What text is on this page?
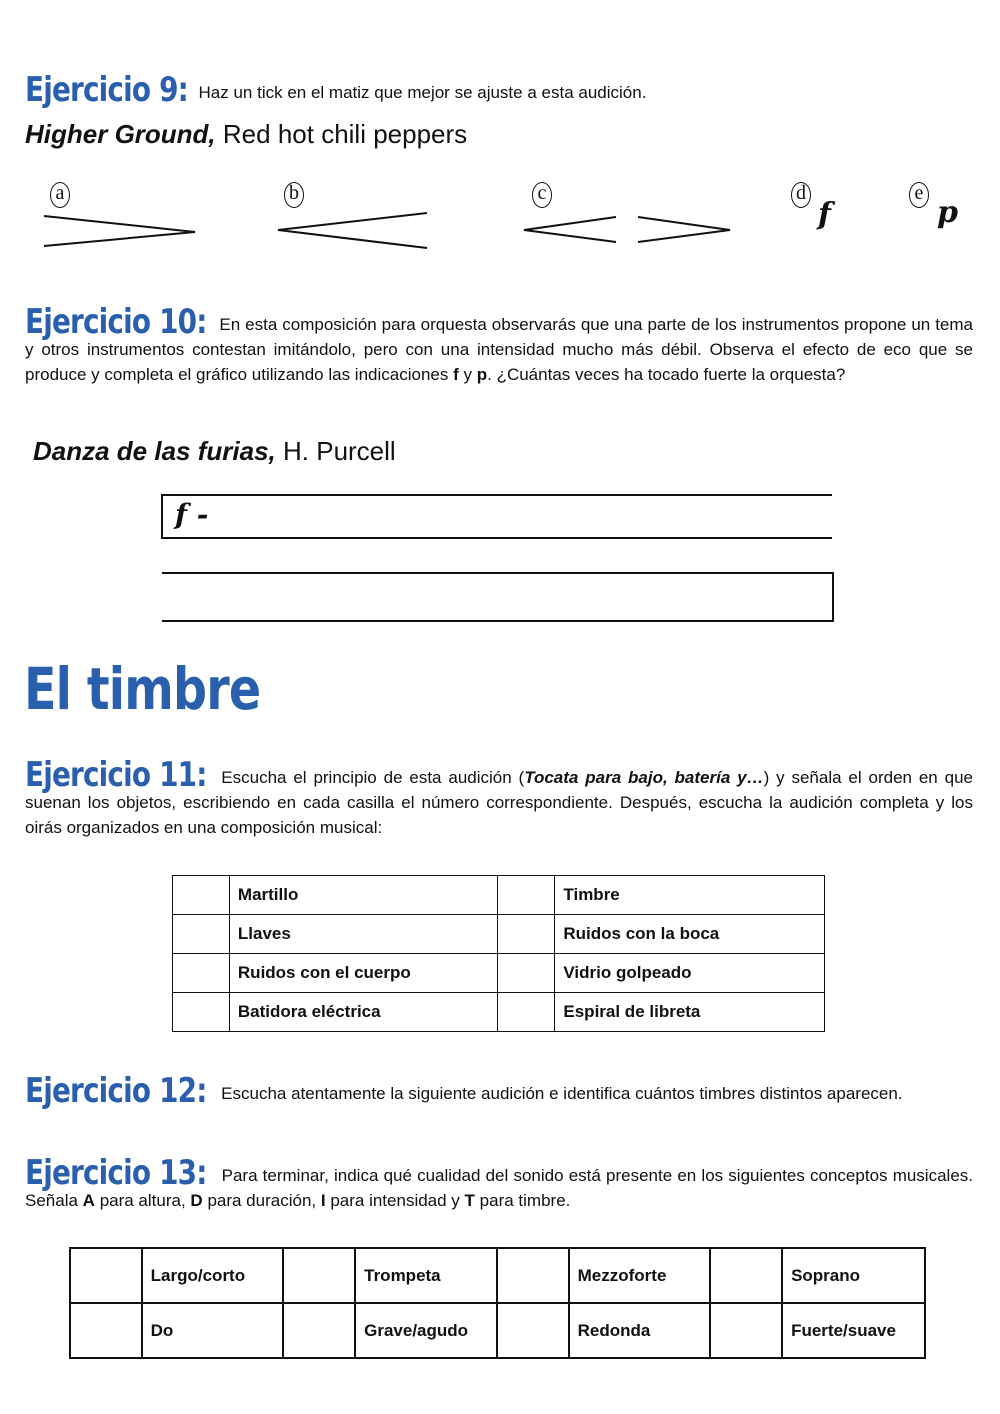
Ejercicio 9: Haz un tick en el matiz que mejor se ajuste a esta audición.
Higher Ground, Red hot chili peppers
a	b	c	d
f
e
p
Ejercicio 10: En esta composición para orquesta observarás que una parte de los instrumentos propone un tema y otros instrumentos contestan imitándolo, pero con una intensidad mucho más débil. Observa el efecto de eco que se produce y completa el gráfico utilizando las indicaciones f y p. ¿Cuántas veces ha tocado fuerte la orquesta?
Danza de las furias, H. Purcell
f -
El timbre
Ejercicio 11: Escucha el principio de esta audición (Tocata para bajo, batería y…) y señala el orden en que suenan los objetos, escribiendo en cada casilla el número correspondiente. Después, escucha la audición completa y los oirás organizados en una composición musical:
	Martillo		Timbre
	Llaves		Ruidos con la boca
	Ruidos con el cuerpo		Vidrio golpeado
	Batidora eléctrica		Espiral de libreta
Ejercicio 12: Escucha atentamente la siguiente audición e identifica cuántos timbres distintos aparecen.
Ejercicio 13: Para terminar, indica qué cualidad del sonido está presente en los siguientes conceptos musicales. Señala A para altura, D para duración, I para intensidad y T para timbre.
	Largo/corto		Trompeta		Mezzoforte		Soprano
	Do		Grave/agudo		Redonda		Fuerte/suave
